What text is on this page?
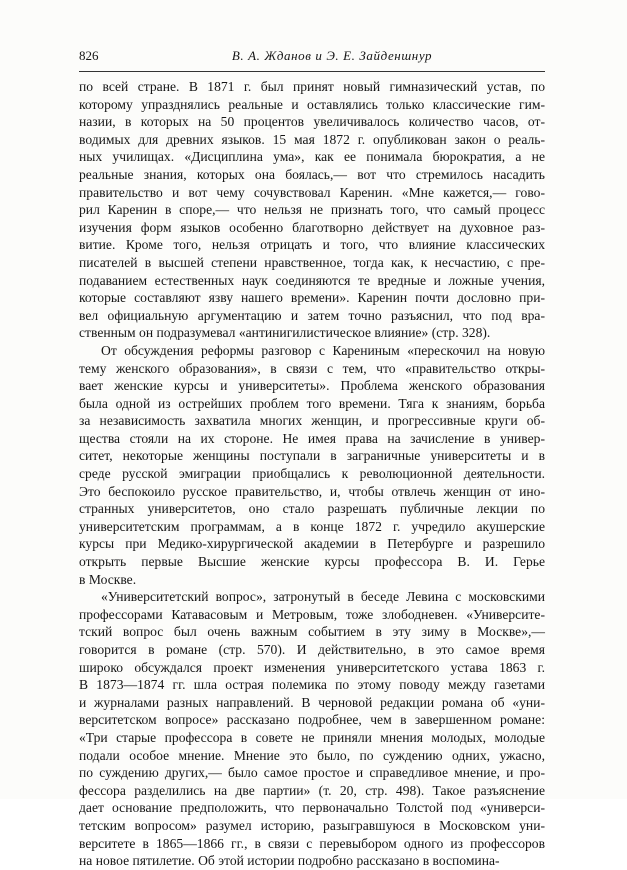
826	В. А. Жданов и Э. Е. Зайденшнур

по всей стране. В 1871 г. был принят новый гимназический устав, по
которому упразднялись реальные и оставлялись только классические гим-
назии, в которых на 50 процентов увеличивалось количество часов, от-
водимых для древних языков. 15 мая 1872 г. опубликован закон о реаль-
ных училищах. «Дисциплина ума», как ее понимала бюрократия, а не
реальные знания, которых она боялась,— вот что стремилось насадить
правительство и вот чему сочувствовал Каренин. «Мне кажется,— гово-
рил Каренин в споре,— что нельзя не признать того, что самый процесс
изучения форм языков особенно благотворно действует на духовное раз-
витие. Кроме того, нельзя отрицать и того, что влияние классических
писателей в высшей степени нравственное, тогда как, к несчастию, с пре-
подаванием естественных наук соединяются те вредные и ложные учения,
которые составляют язву нашего времени». Каренин почти дословно при-
вел официальную аргументацию и затем точно разъяснил, что под вра-
ственным он подразумевал «антинигилистическое влияние» (стр. 328).

От обсуждения реформы разговор с Карениным «перескочил на новую
тему женского образования», в связи с тем, что «правительство откры-
вает женские курсы и университеты». Проблема женского образования
была одной из острейших проблем того времени. Тяга к знаниям, борьба
за независимость захватила многих женщин, и прогрессивные круги об-
щества стояли на их стороне. Не имея права на зачисление в универ-
ситет, некоторые женщины поступали в заграничные университеты и в
среде русской эмиграции приобщались к революционной деятельности.
Это беспокоило русское правительство, и, чтобы отвлечь женщин от ино-
странных университетов, оно стало разрешать публичные лекции по
университетским программам, а в конце 1872 г. учредило акушерские
курсы при Медико-хирургической академии в Петербурге и разрешило
открыть первые Высшие женские курсы профессора В. И. Герье
в Москве.

«Университетский вопрос», затронутый в беседе Левина с московскими
профессорами Катавасовым и Метровым, тоже злободневен. «Университе-
тский вопрос был очень важным событием в эту зиму в Москве»,—
говорится в романе (стр. 570). И действительно, в это самое время
широко обсуждался проект изменения университетского устава 1863 г.
В 1873—1874 гг. шла острая полемика по этому поводу между газетами
и журналами разных направлений. В черновой редакции романа об «уни-
верситетском вопросе» рассказано подробнее, чем в завершенном романе:
«Три старые профессора в совете не приняли мнения молодых, молодые
подали особое мнение. Мнение это было, по суждению одних, ужасно,
по суждению других,— было самое простое и справедливое мнение, и про-
фессора разделились на две партии» (т. 20, стр. 498). Такое разъяснение
дает основание предполoжить, что первоначально Толстой под «универси-
тетским вопросом» разумел историю, разыгравшуюся в Московском уни-
верситете в 1865—1866 гг., в связи с перевыбором одного из профессоров
на новое пятилетие. Об этой истории подробно рассказано в воспомина-
